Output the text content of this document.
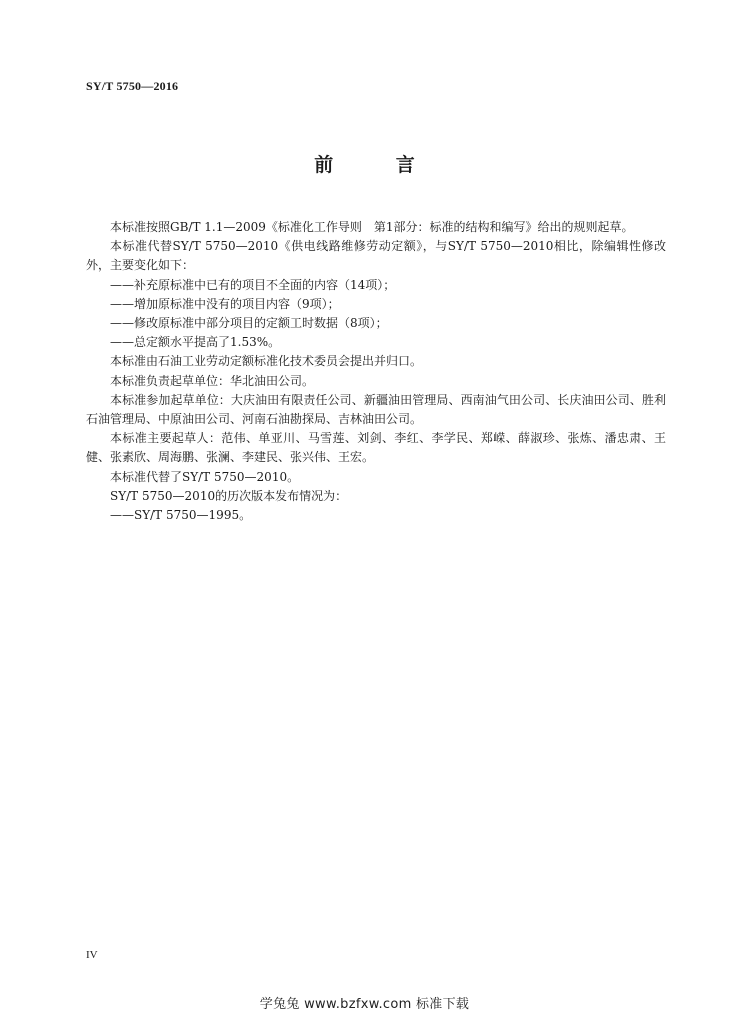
SY/T 5750—2016
前 言

本标准按照GB/T 1.1—2009《标准化工作导则　第1部分：标准的结构和编写》给出的规则起草。

本标准代替SY/T 5750—2010《供电线路维修劳动定额》，与SY/T 5750—2010相比，除编辑性修改外，主要变化如下：

——补充原标准中已有的项目不全面的内容（14项）；

——增加原标准中没有的项目内容（9项）；

——修改原标准中部分项目的定额工时数据（8项）；

——总定额水平提高了1.53%。

本标准由石油工业劳动定额标准化技术委员会提出并归口。

本标准负责起草单位：华北油田公司。

本标准参加起草单位：大庆油田有限责任公司、新疆油田管理局、西南油气田公司、长庆油田公司、胜利石油管理局、中原油田公司、河南石油勘探局、吉林油田公司。

本标准主要起草人：范伟、单亚川、马雪莲、刘剑、李红、李学民、郑嵘、薛淑珍、张炼、潘忠肃、王健、张素欣、周海鹏、张澜、李建民、张兴伟、王宏。

本标准代替了SY/T 5750—2010。

SY/T 5750—2010的历次版本发布情况为：

——SY/T 5750—1995。

IV
学兔兔 www.bzfxw.com 标准下载
